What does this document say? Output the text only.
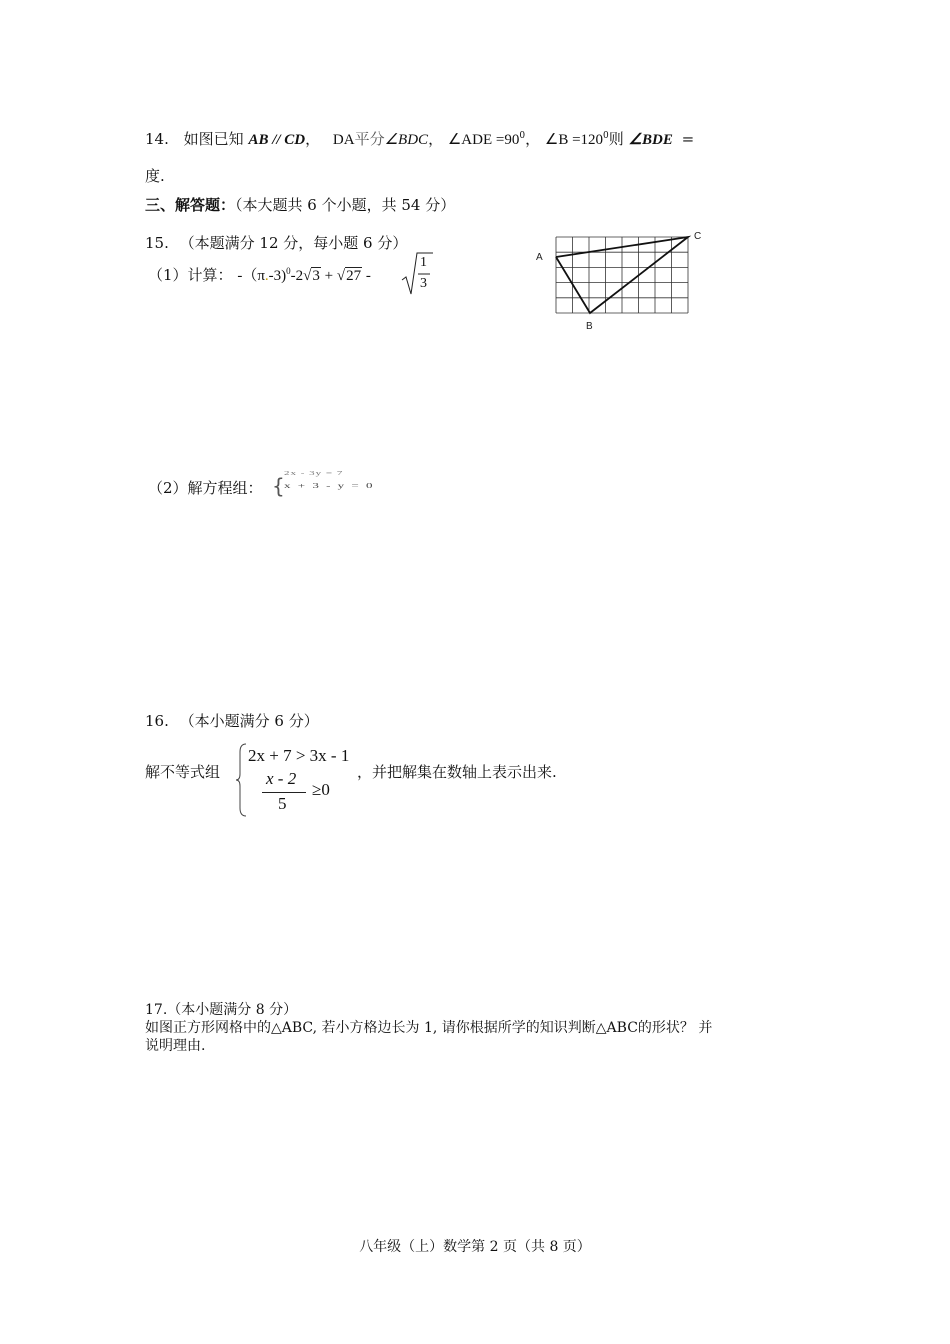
14. 如图已知 AB // CD， DA平分∠BDC， ∠ADE $=90^0$， ∠B $=120^0$则 ∠BDE =
度.
三、解答题：（本大题共 6 个小题，共 54 分）
15. （本题满分 12 分，每小题 6 分）
（1）计算： -（π.-3)$^0$-2√3 + √27 -
1
3
A
B
C
（2）解方程组： {
2x - 3y = 7
x + 3 - y = 0
16. （本小题满分 6 分）
解不等式组
2x + 7 > 3x - 1
x - 2
5
≥0
，并把解集在数轴上表示出来.
17.（本小题满分 8 分）
如图正方形网格中的△ABC, 若小方格边长为 1, 请你根据所学的知识判断△ABC的形状？ 并
说明理由.
八年级（上）数学第 2 页（共 8 页）
